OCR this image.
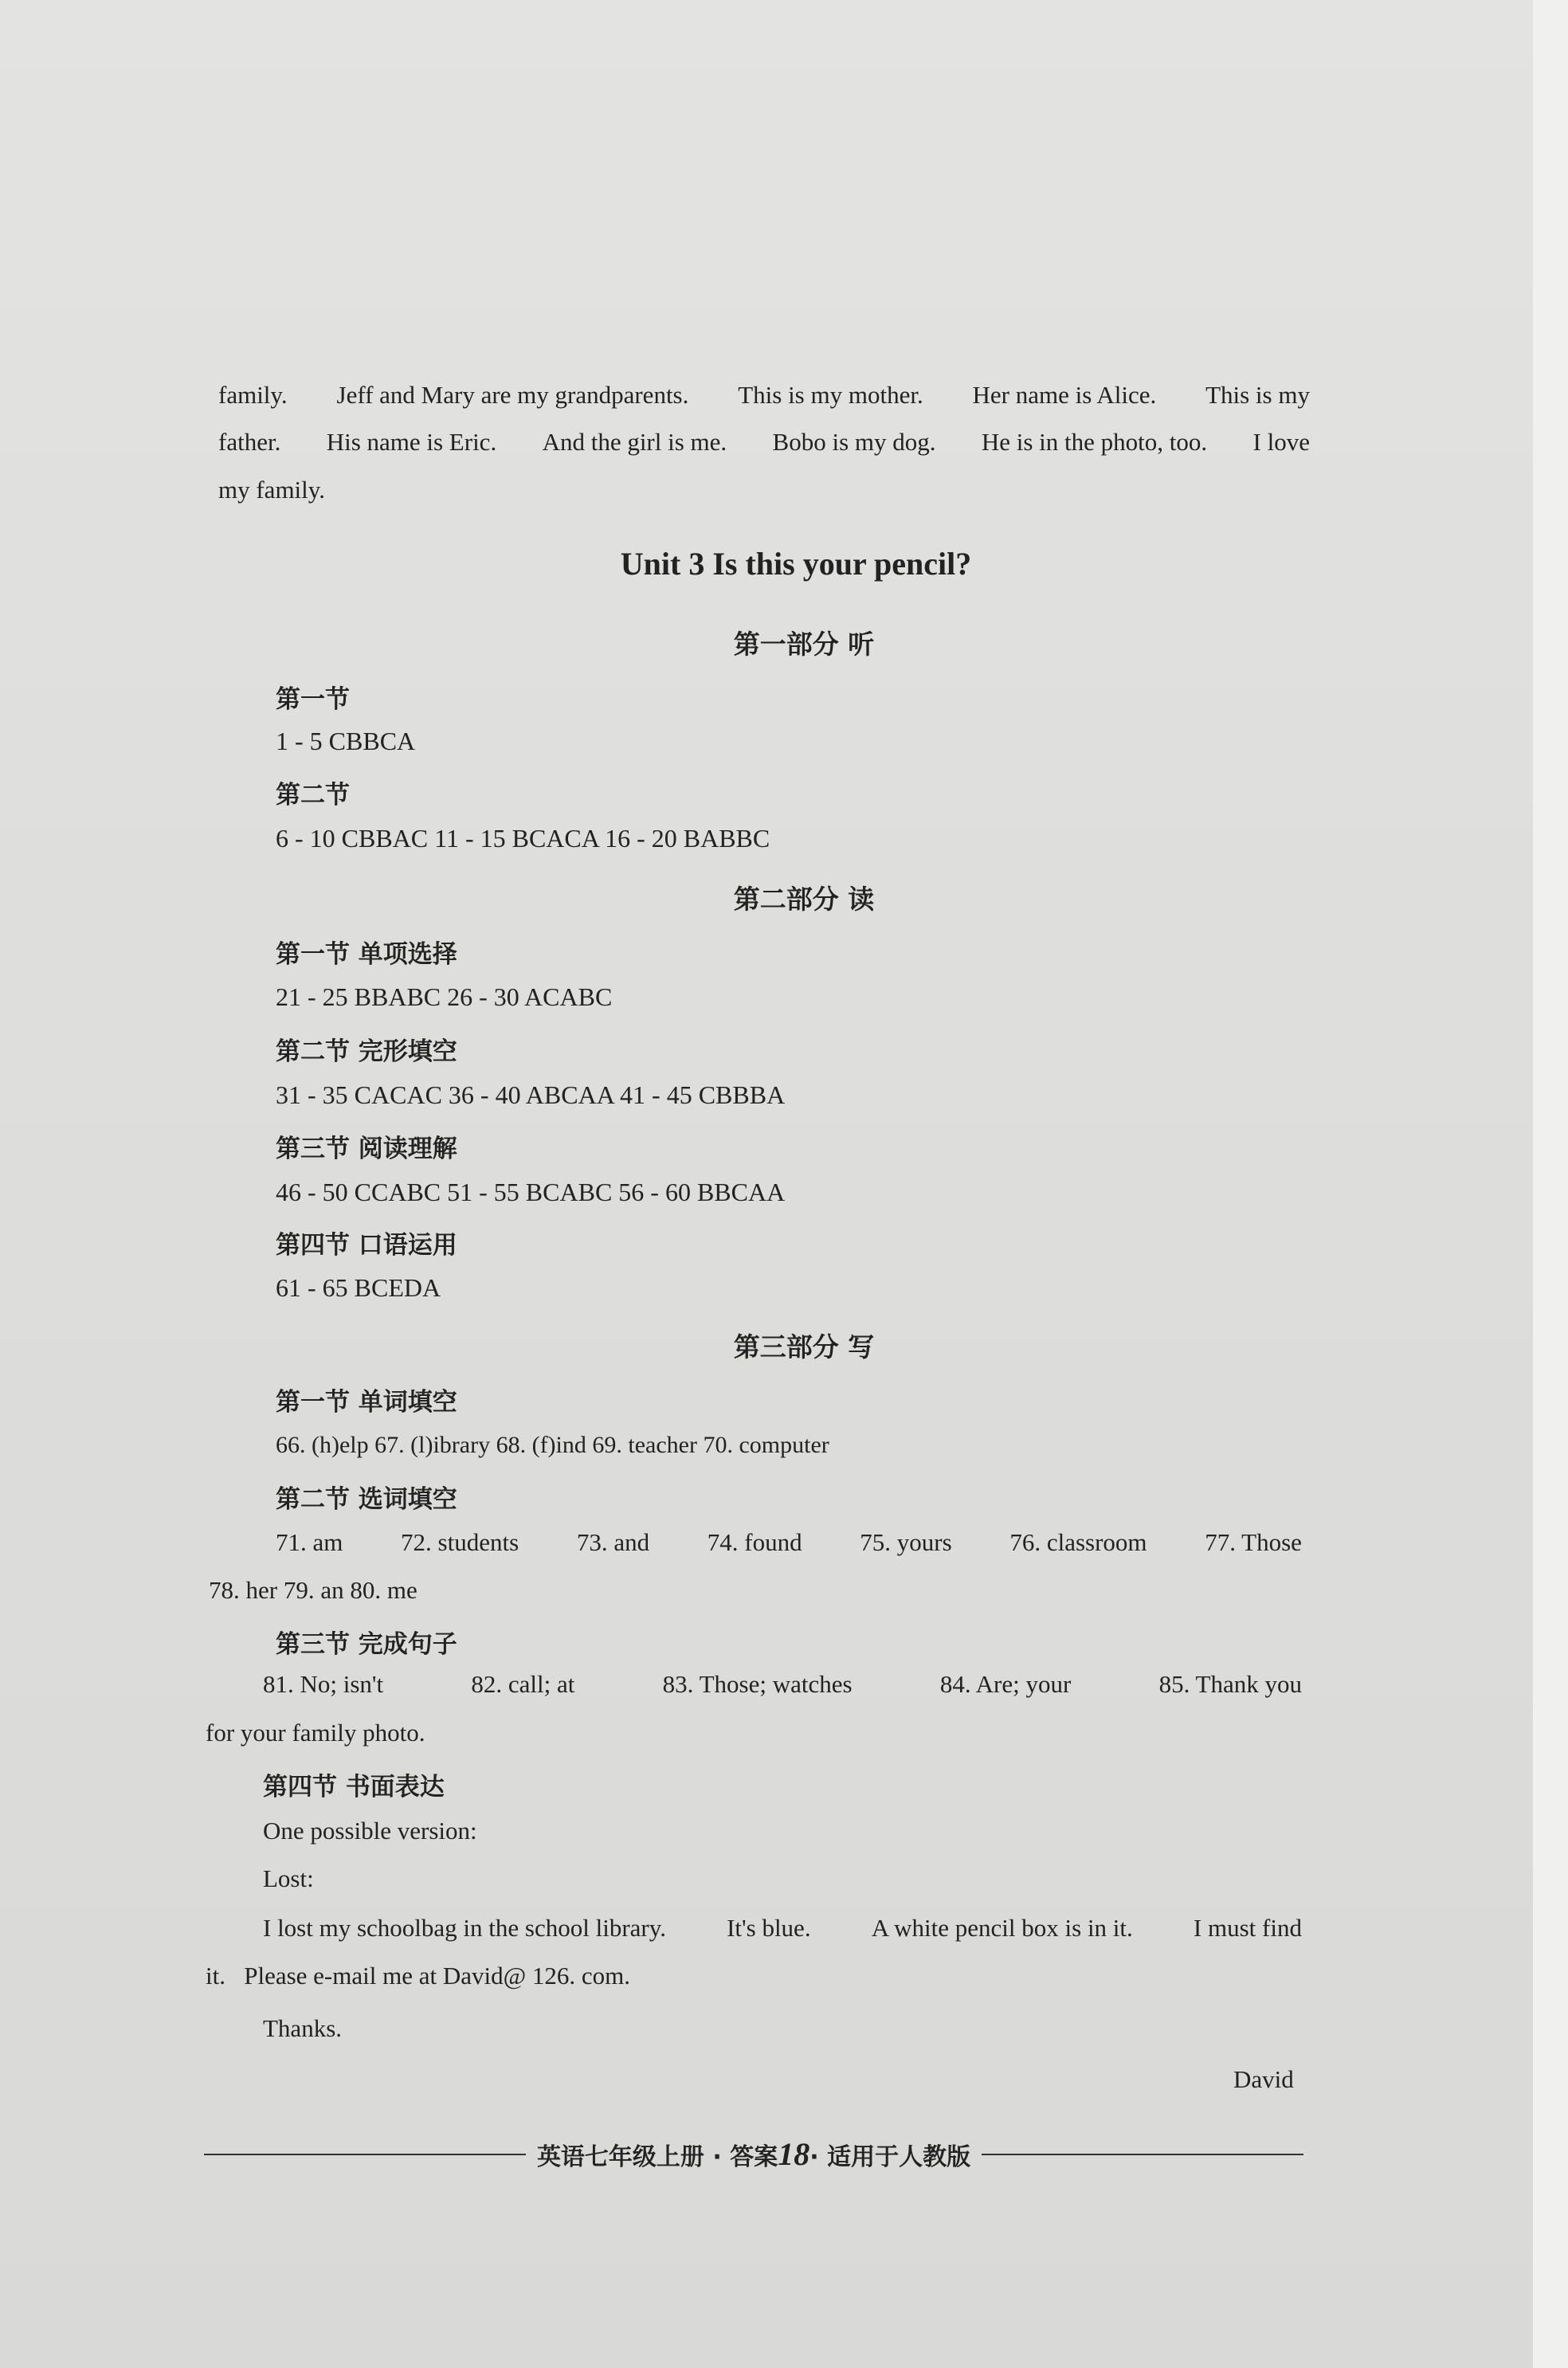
family. Jeff and Mary are my grandparents. This is my mother. Her name is Alice. This is my
father. His name is Eric. And the girl is me. Bobo is my dog. He is in the photo, too. I love
my family.
Unit 3 Is this your pencil?
第一部分 听
第一节
1 - 5 CBBCA
第二节
6 - 10 CBBAC 11 - 15 BCACA 16 - 20 BABBC
第二部分 读
第一节 单项选择
21 - 25 BBABC 26 - 30 ACABC
第二节 完形填空
31 - 35 CACAC 36 - 40 ABCAA 41 - 45 CBBBA
第三节 阅读理解
46 - 50 CCABC 51 - 55 BCABC 56 - 60 BBCAA
第四节 口语运用
61 - 65 BCEDA
第三部分 写
第一节 单词填空
66. (h)elp 67. (l)ibrary 68. (f)ind 69. teacher 70. computer
第二节 选词填空
71. am 72. students 73. and 74. found 75. yours 76. classroom 77. Those
78. her 79. an 80. me
第三节 完成句子
81. No; isn't	82. call; at	83. Those; watches	84. Are; your	85. Thank you
for your family photo.
第四节 书面表达
One possible version:
Lost:
I lost my schoolbag in the school library. It's blue. A white pencil box is in it. I must find
it.   Please e-mail me at David@ 126. com.
Thanks.
David
英语七年级上册 · 答案18· 适用于人教版
